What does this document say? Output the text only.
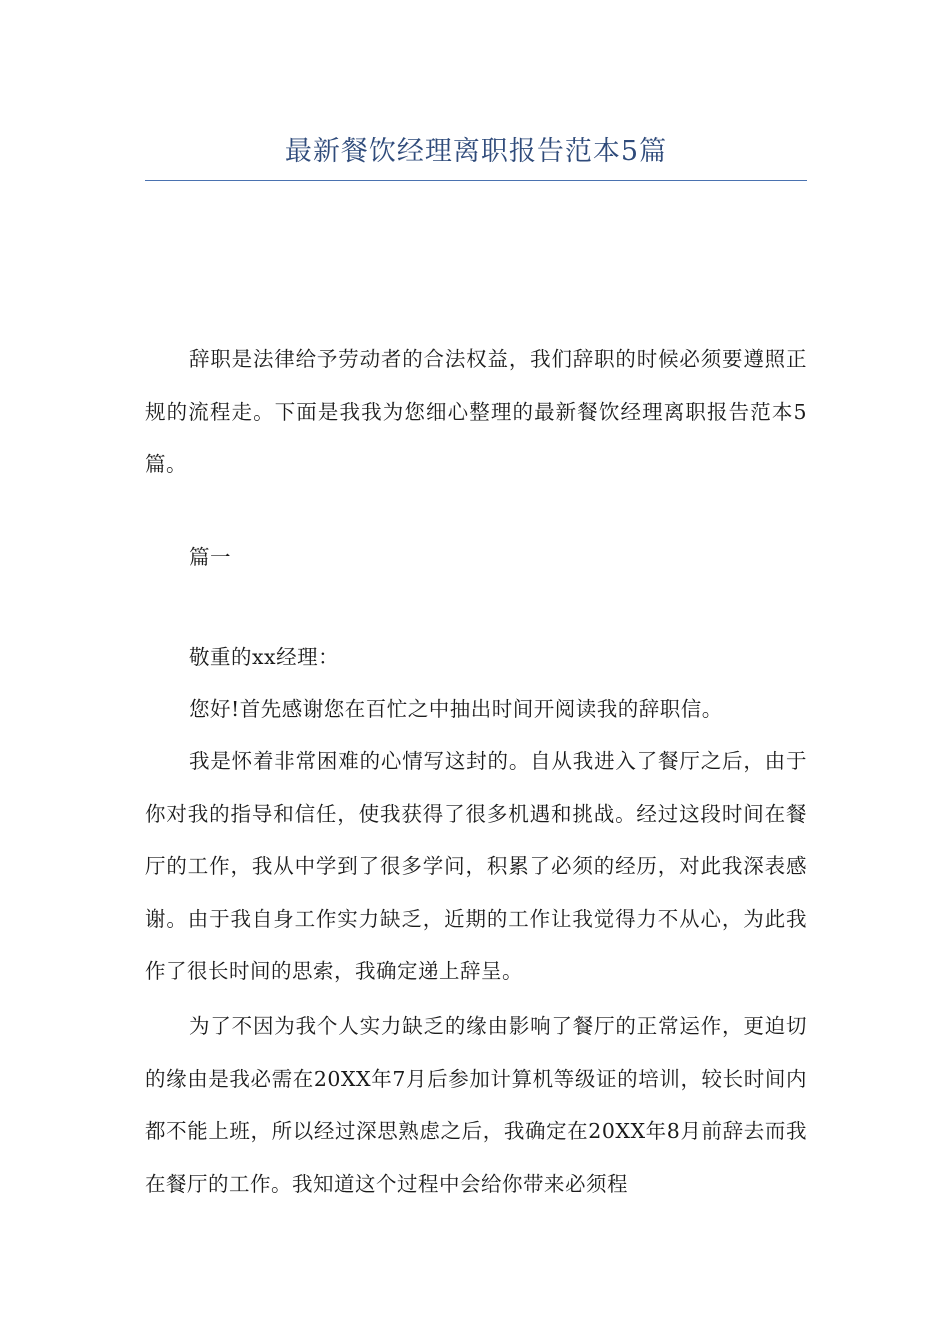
最新餐饮经理离职报告范本5篇

辞职是法律给予劳动者的合法权益，我们辞职的时候必须要遵照正规的流程走。下面是我我为您细心整理的最新餐饮经理离职报告范本5篇。

篇一

敬重的xx经理：

您好!首先感谢您在百忙之中抽出时间开阅读我的辞职信。

我是怀着非常困难的心情写这封的。自从我进入了餐厅之后，由于你对我的指导和信任，使我获得了很多机遇和挑战。经过这段时间在餐厅的工作，我从中学到了很多学问，积累了必须的经历，对此我深表感谢。由于我自身工作实力缺乏，近期的工作让我觉得力不从心，为此我作了很长时间的思索，我确定递上辞呈。

为了不因为我个人实力缺乏的缘由影响了餐厅的正常运作，更迫切的缘由是我必需在20XX年7月后参加计算机等级证的培训，较长时间内都不能上班，所以经过深思熟虑之后，我确定在20XX年8月前辞去而我在餐厅的工作。我知道这个过程中会给你带来必须程
